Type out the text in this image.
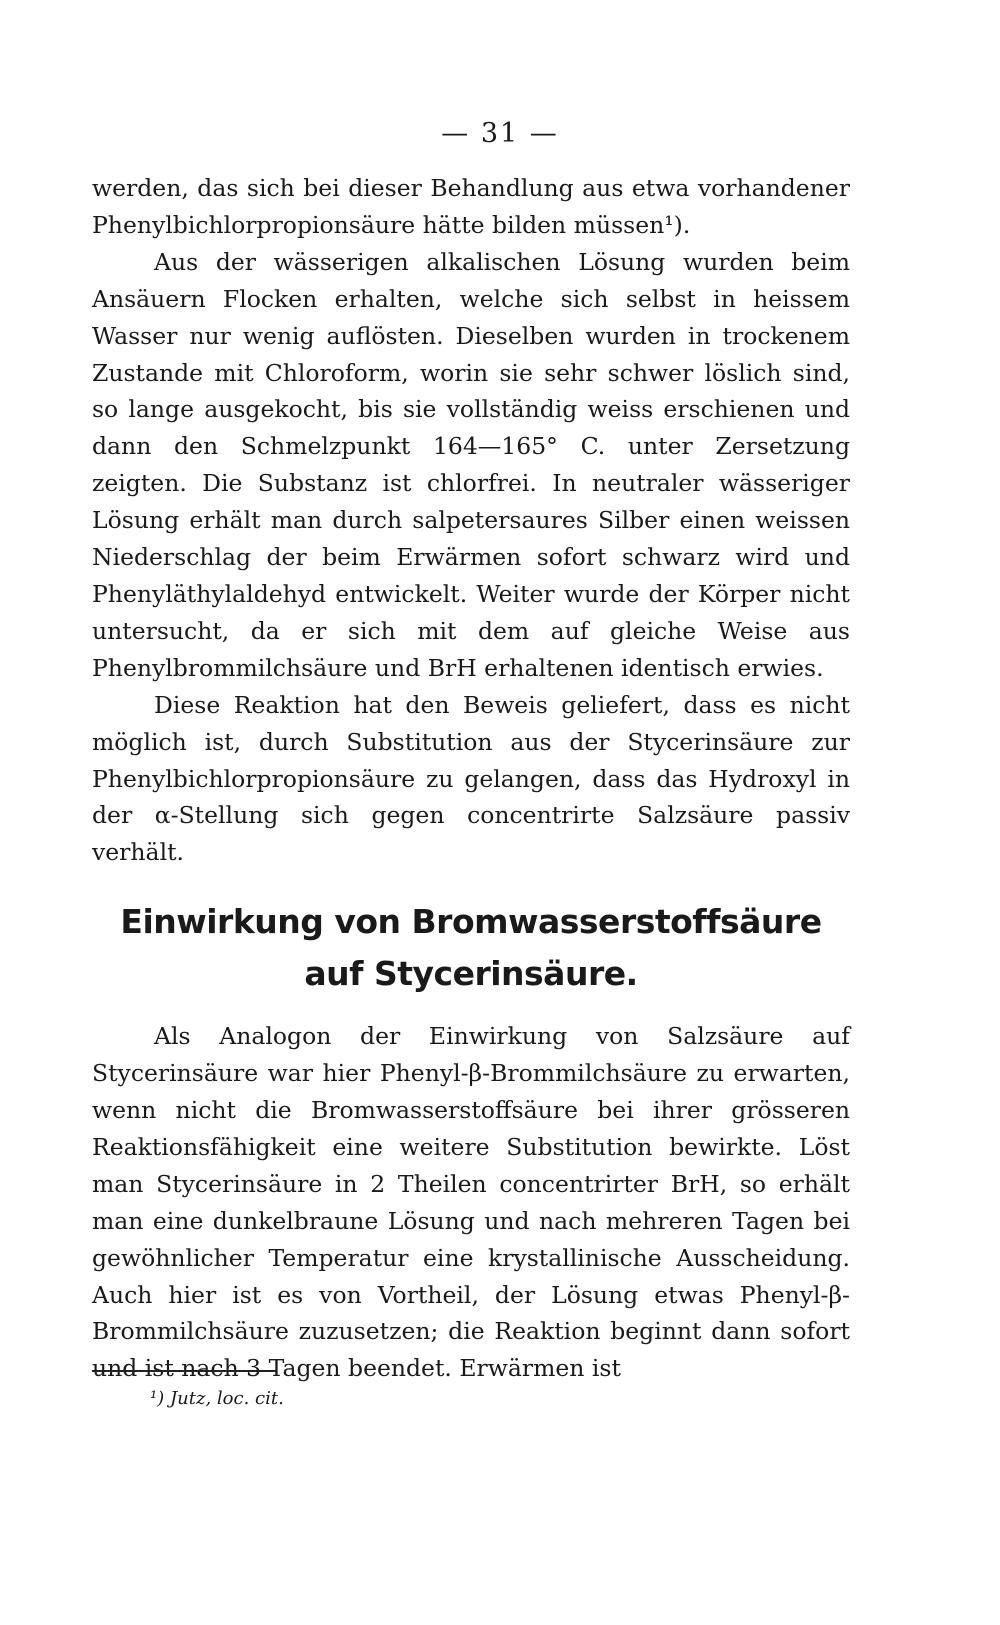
— 31 —

werden, das sich bei dieser Behandlung aus etwa vorhandener Phenylbichlorpropionsäure hätte bilden müssen¹).

Aus der wässerigen alkalischen Lösung wurden beim Ansäuern Flocken erhalten, welche sich selbst in heissem Wasser nur wenig auflösten. Dieselben wurden in trockenem Zustande mit Chloroform, worin sie sehr schwer löslich sind, so lange ausgekocht, bis sie vollständig weiss erschienen und dann den Schmelzpunkt 164—165° C. unter Zersetzung zeigten. Die Substanz ist chlorfrei. In neutraler wässeriger Lösung erhält man durch salpetersaures Silber einen weissen Niederschlag der beim Erwärmen sofort schwarz wird und Phenyläthylaldehyd entwickelt. Weiter wurde der Körper nicht untersucht, da er sich mit dem auf gleiche Weise aus Phenylbrommilchsäure und BrH erhaltenen identisch erwies.

Diese Reaktion hat den Beweis geliefert, dass es nicht möglich ist, durch Substitution aus der Stycerinsäure zur Phenylbichlorpropionsäure zu gelangen, dass das Hydroxyl in der α-Stellung sich gegen concentrirte Salzsäure passiv verhält.

Einwirkung von Bromwasserstoffsäure auf Stycerinsäure.

Als Analogon der Einwirkung von Salzsäure auf Stycerinsäure war hier Phenyl-β-Brommilchsäure zu erwarten, wenn nicht die Bromwasserstoffsäure bei ihrer grösseren Reaktionsfähigkeit eine weitere Substitution bewirkte. Löst man Stycerinsäure in 2 Theilen concentrirter BrH, so erhält man eine dunkelbraune Lösung und nach mehreren Tagen bei gewöhnlicher Temperatur eine krystallinische Ausscheidung. Auch hier ist es von Vortheil, der Lösung etwas Phenyl-β-Brommilchsäure zuzusetzen; die Reaktion beginnt dann sofort und ist nach 3 Tagen beendet. Erwärmen ist

¹) Jutz, loc. cit.
